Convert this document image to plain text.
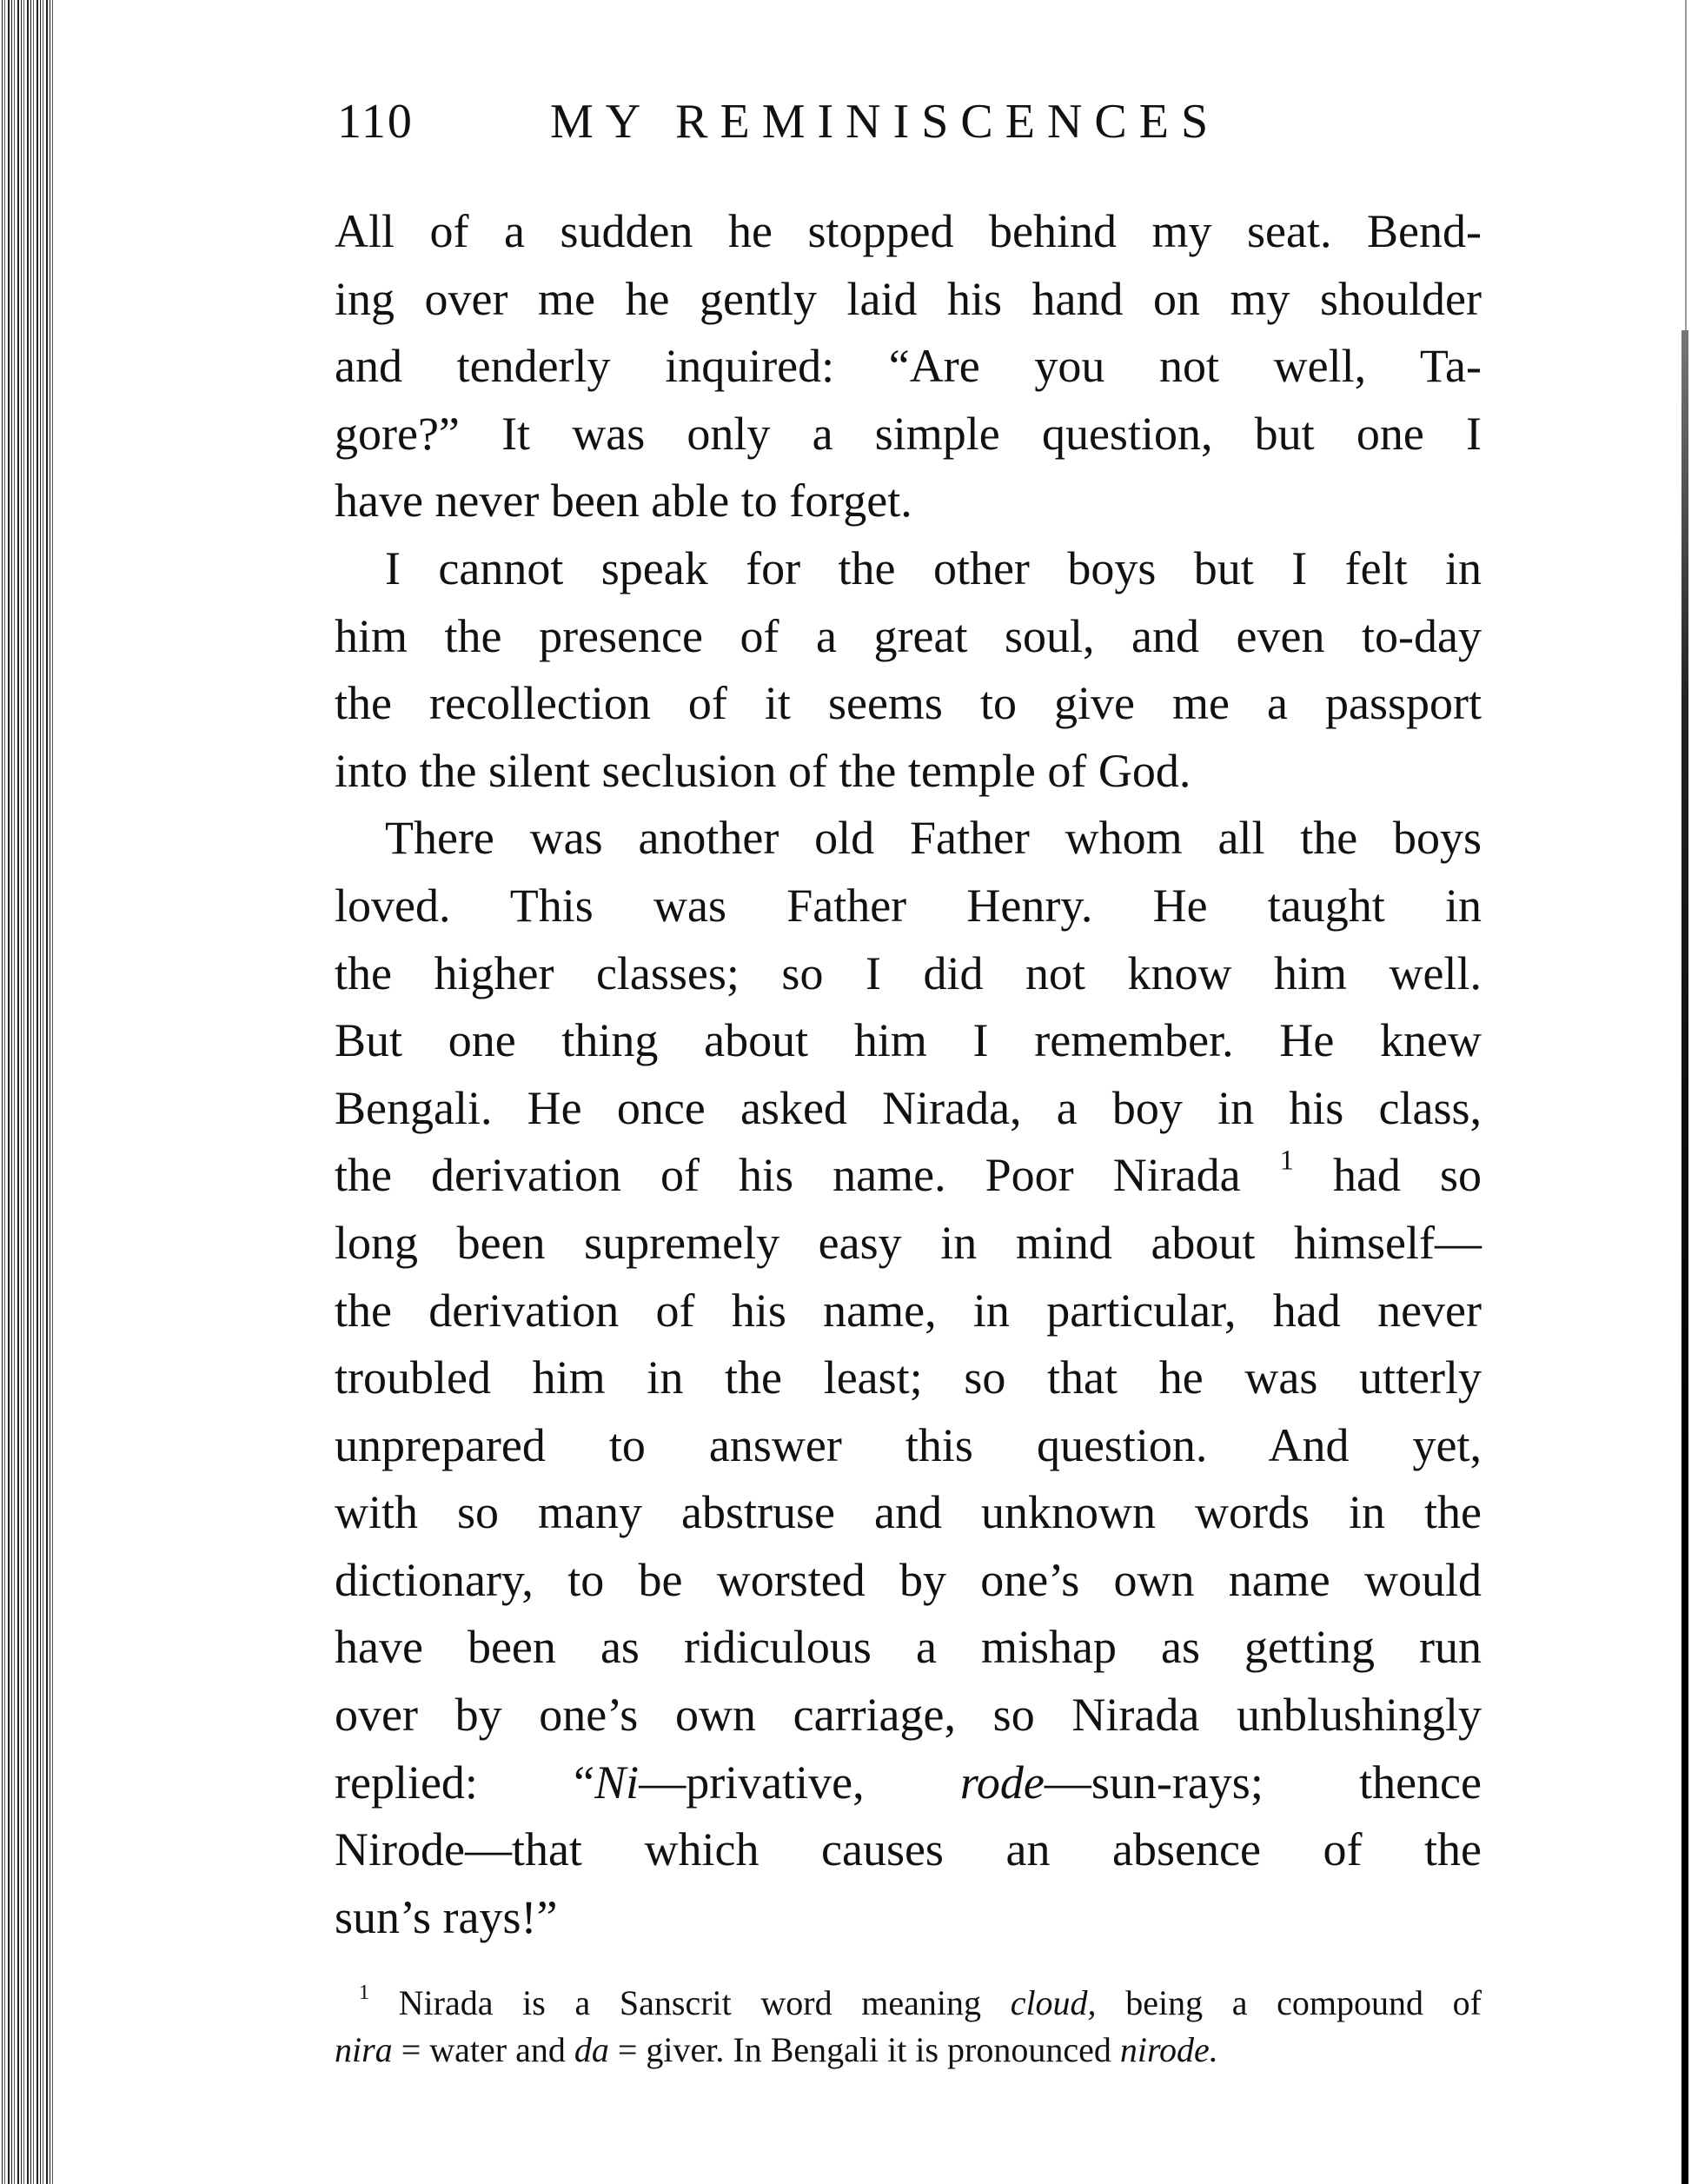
110	MY REMINISCENCES
All of a sudden he stopped behind my seat. Bend-
ing over me he gently laid his hand on my shoulder
and tenderly inquired: “Are you not well, Ta-
gore?” It was only a simple question, but one I
have never been able to forget.
I cannot speak for the other boys but I felt in
him the presence of a great soul, and even to-day
the recollection of it seems to give me a passport
into the silent seclusion of the temple of God.
There was another old Father whom all the boys
loved. This was Father Henry. He taught in
the higher classes; so I did not know him well.
But one thing about him I remember. He knew
Bengali. He once asked Nirada, a boy in his class,
the derivation of his name. Poor Nirada $^1$ had so
long been supremely easy in mind about himself—
the derivation of his name, in particular, had never
troubled him in the least; so that he was utterly
unprepared to answer this question. And yet,
with so many abstruse and unknown words in the
dictionary, to be worsted by one’s own name would
have been as ridiculous a mishap as getting run
over by one’s own carriage, so Nirada unblushingly
replied: “Ni—privative, rode—sun-rays; thence
Nirode—that which causes an absence of the
sun’s rays!”
$^1$ Nirada is a Sanscrit word meaning cloud, being a compound of
nira = water and da = giver. In Bengali it is pronounced nirode.
